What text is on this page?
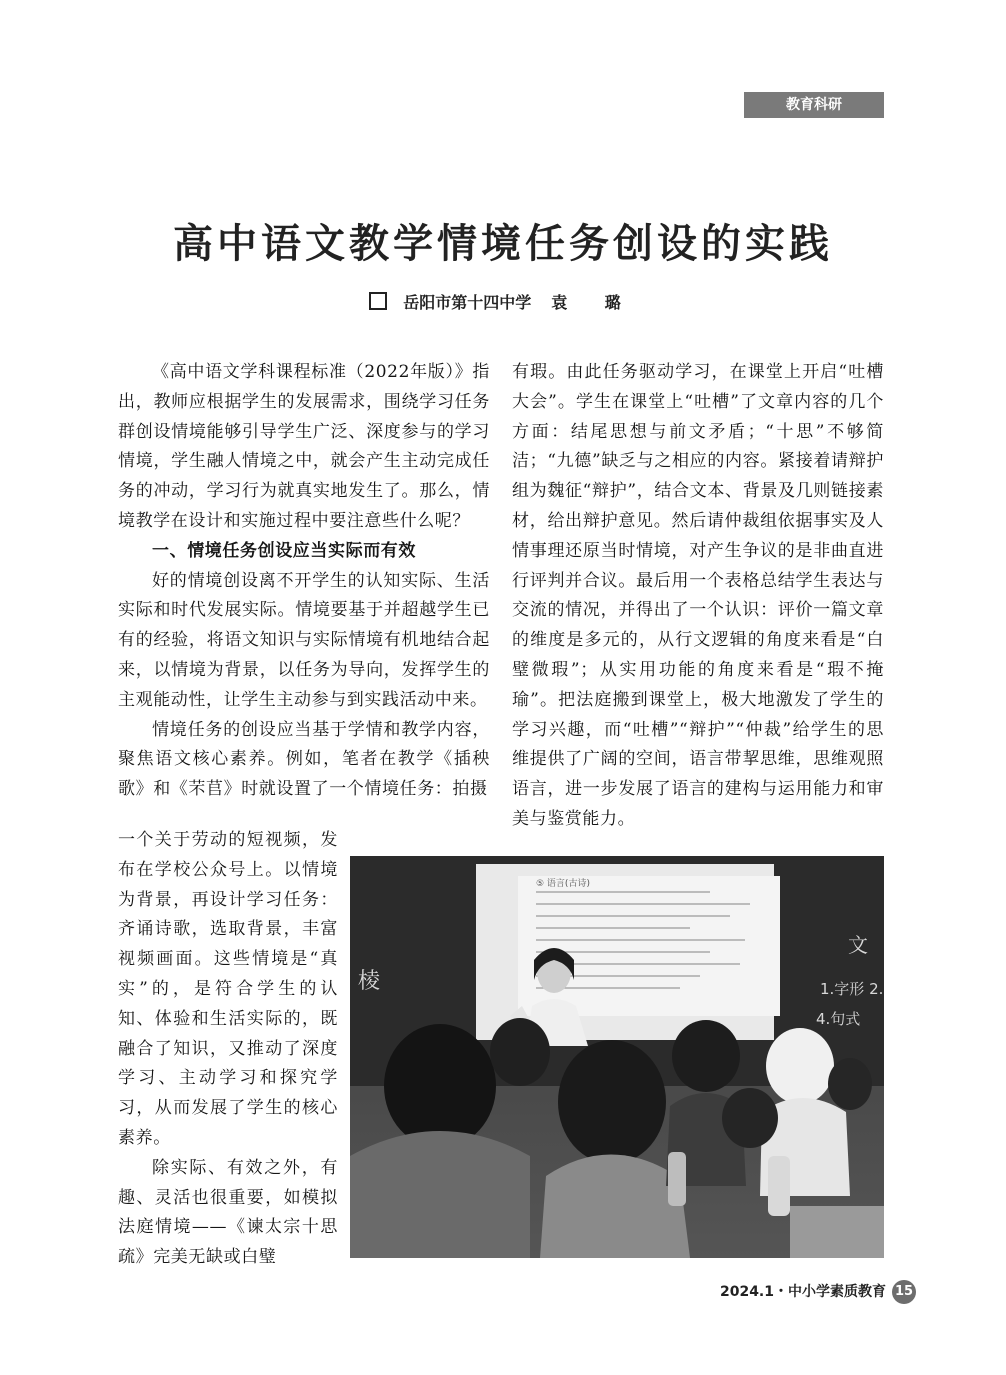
教育科研
高中语文教学情境任务创设的实践
岳阳市第十四中学 袁 璐

《高中语文学科课程标准（2022年版）》指出，教师应根据学生的发展需求，围绕学习任务群创设情境能够引导学生广泛、深度参与的学习情境，学生融人情境之中，就会产生主动完成任务的冲动，学习行为就真实地发生了。那么，情境教学在设计和实施过程中要注意些什么呢？

一、情境任务创设应当实际而有效

好的情境创设离不开学生的认知实际、生活实际和时代发展实际。情境要基于并超越学生已有的经验，将语文知识与实际情境有机地结合起来，以情境为背景，以任务为导向，发挥学生的主观能动性，让学生主动参与到实践活动中来。

情境任务的创设应当基于学情和教学内容，聚焦语文核心素养。例如，笔者在教学《插秧歌》和《芣苢》时就设置了一个情境任务：拍摄

一个关于劳动的短视频，发布在学校公众号上。以情境为背景，再设计学习任务：齐诵诗歌，选取背景，丰富视频画面。这些情境是“真实”的，是符合学生的认知、体验和生活实际的，既融合了知识，又推动了深度学习、主动学习和探究学习，从而发展了学生的核心素养。

除实际、有效之外，有趣、灵活也很重要，如模拟法庭情境——《谏太宗十思疏》完美无缺或白璧

有瑕。由此任务驱动学习，在课堂上开启“吐槽大会”。学生在课堂上“吐槽”了文章内容的几个方面：结尾思想与前文矛盾；“十思”不够简洁；“九德”缺乏与之相应的内容。紧接着请辩护组为魏征“辩护”，结合文本、背景及几则链接素材，给出辩护意见。然后请仲裁组依据事实及人情事理还原当时情境，对产生争议的是非曲直进行评判并合议。最后用一个表格总结学生表达与交流的情况，并得出了一个认识：评价一篇文章的维度是多元的，从行文逻辑的角度来看是“白璧微瑕”；从实用功能的角度来看是“瑕不掩瑜”。把法庭搬到课堂上，极大地激发了学生的学习兴趣，而“吐槽”“辩护”“仲裁”给学生的思维提供了广阔的空间，语言带挈思维，思维观照语言，进一步发展了语言的建构与运用能力和审美与鉴赏能力。

⑤ 语言(古诗)
棱
文
1.字形 2.
4.句式
2024.1・中小学素质教育 15
